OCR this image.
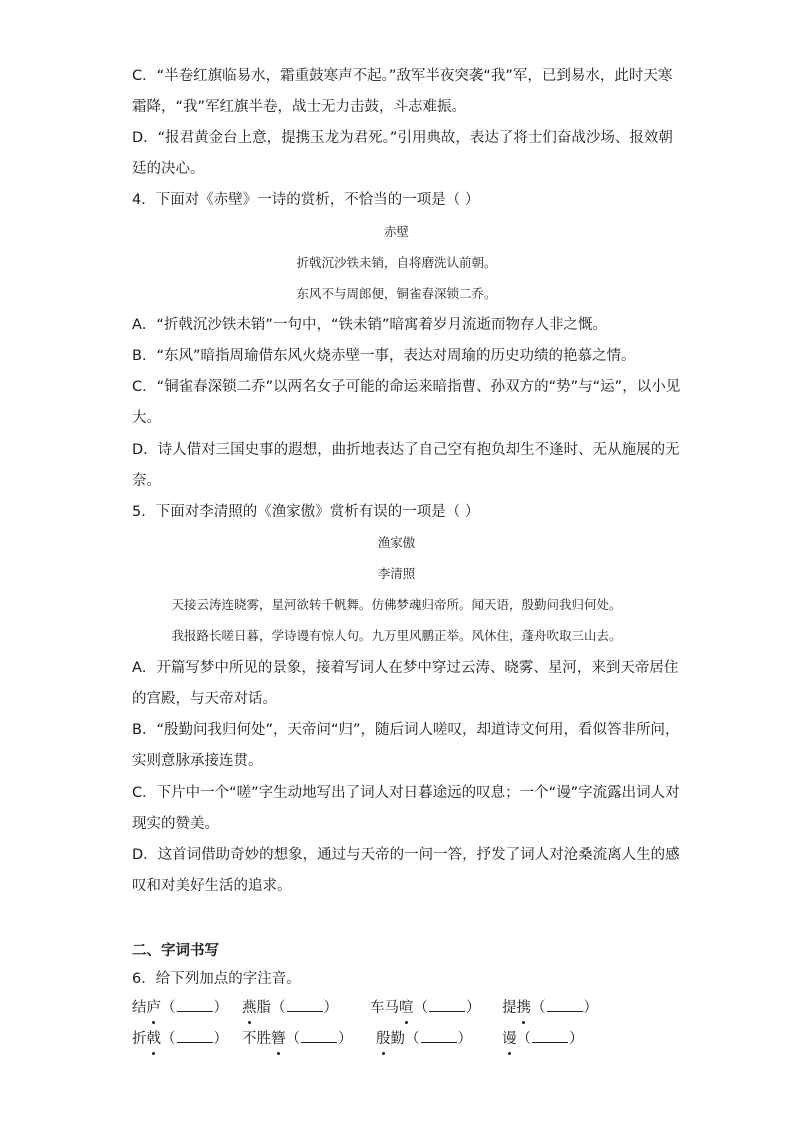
C．“半卷红旗临易水，霜重鼓寒声不起。”敌军半夜突袭“我”军，已到易水，此时天寒
霜降，“我”军红旗半卷，战士无力击鼓，斗志难振。
D．“报君黄金台上意，提携玉龙为君死。”引用典故，表达了将士们奋战沙场、报效朝
廷的决心。
4．下面对《赤壁》一诗的赏析，不恰当的一项是（ ）
赤壁
折戟沉沙铁未销，自将磨洗认前朝。
东风不与周郎便，铜雀春深锁二乔。
A．“折戟沉沙铁未销”一句中，“铁未销”暗寓着岁月流逝而物存人非之慨。
B．“东风”暗指周瑜借东风火烧赤壁一事，表达对周瑜的历史功绩的艳慕之情。
C．“铜雀春深锁二乔”以两名女子可能的命运来暗指曹、孙双方的“势”与“运”，以小见
大。
D．诗人借对三国史事的遐想，曲折地表达了自己空有抱负却生不逢时、无从施展的无
奈。
5．下面对李清照的《渔家傲》赏析有误的一项是（ ）
渔家傲
李清照
天接云涛连晓雾，星河欲转千帆舞。仿佛梦魂归帝所。闻天语，殷勤问我归何处。
我报路长嗟日暮，学诗谩有惊人句。九万里风鹏正举。风休住，蓬舟吹取三山去。
A．开篇写梦中所见的景象，接着写词人在梦中穿过云涛、晓雾、星河，来到天帝居住
的宫殿，与天帝对话。
B．“殷勤问我归何处”，天帝问“归”，随后词人嗟叹，却道诗文何用，看似答非所问，
实则意脉承接连贯。
C．下片中一个“嗟”字生动地写出了词人对日暮途远的叹息；一个“谩”字流露出词人对
现实的赞美。
D．这首词借助奇妙的想象，通过与天帝的一问一答，抒发了词人对沧桑流离人生的感
叹和对美好生活的追求。
二、字词书写
6．给下列加点的字注音。
结庐（	） 燕脂（	） 车马喧（	） 提携（	）
折戟（	） 不胜簪（	） 殷勤（	） 谩（	）
